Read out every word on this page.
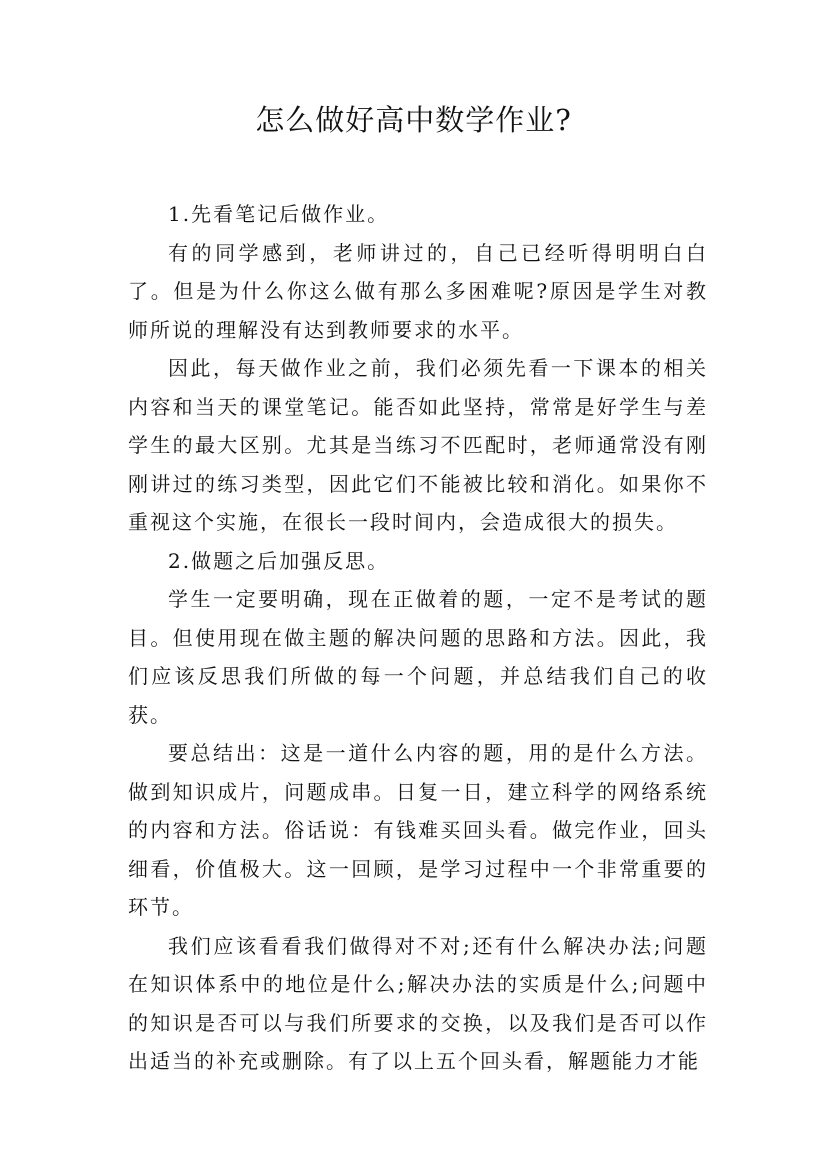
怎么做好高中数学作业?

1.先看笔记后做作业。

有的同学感到，老师讲过的，自己已经听得明明白白了。但是为什么你这么做有那么多困难呢?原因是学生对教师所说的理解没有达到教师要求的水平。

因此，每天做作业之前，我们必须先看一下课本的相关内容和当天的课堂笔记。能否如此坚持，常常是好学生与差学生的最大区别。尤其是当练习不匹配时，老师通常没有刚刚讲过的练习类型，因此它们不能被比较和消化。如果你不重视这个实施，在很长一段时间内，会造成很大的损失。

2.做题之后加强反思。

学生一定要明确，现在正做着的题，一定不是考试的题目。但使用现在做主题的解决问题的思路和方法。因此，我们应该反思我们所做的每一个问题，并总结我们自己的收获。

要总结出：这是一道什么内容的题，用的是什么方法。做到知识成片，问题成串。日复一日，建立科学的网络系统的内容和方法。俗话说：有钱难买回头看。做完作业，回头细看，价值极大。这一回顾，是学习过程中一个非常重要的环节。

我们应该看看我们做得对不对;还有什么解决办法;问题在知识体系中的地位是什么;解决办法的实质是什么;问题中的知识是否可以与我们所要求的交换，以及我们是否可以作出适当的补充或删除。有了以上五个回头看，解题能力才能
